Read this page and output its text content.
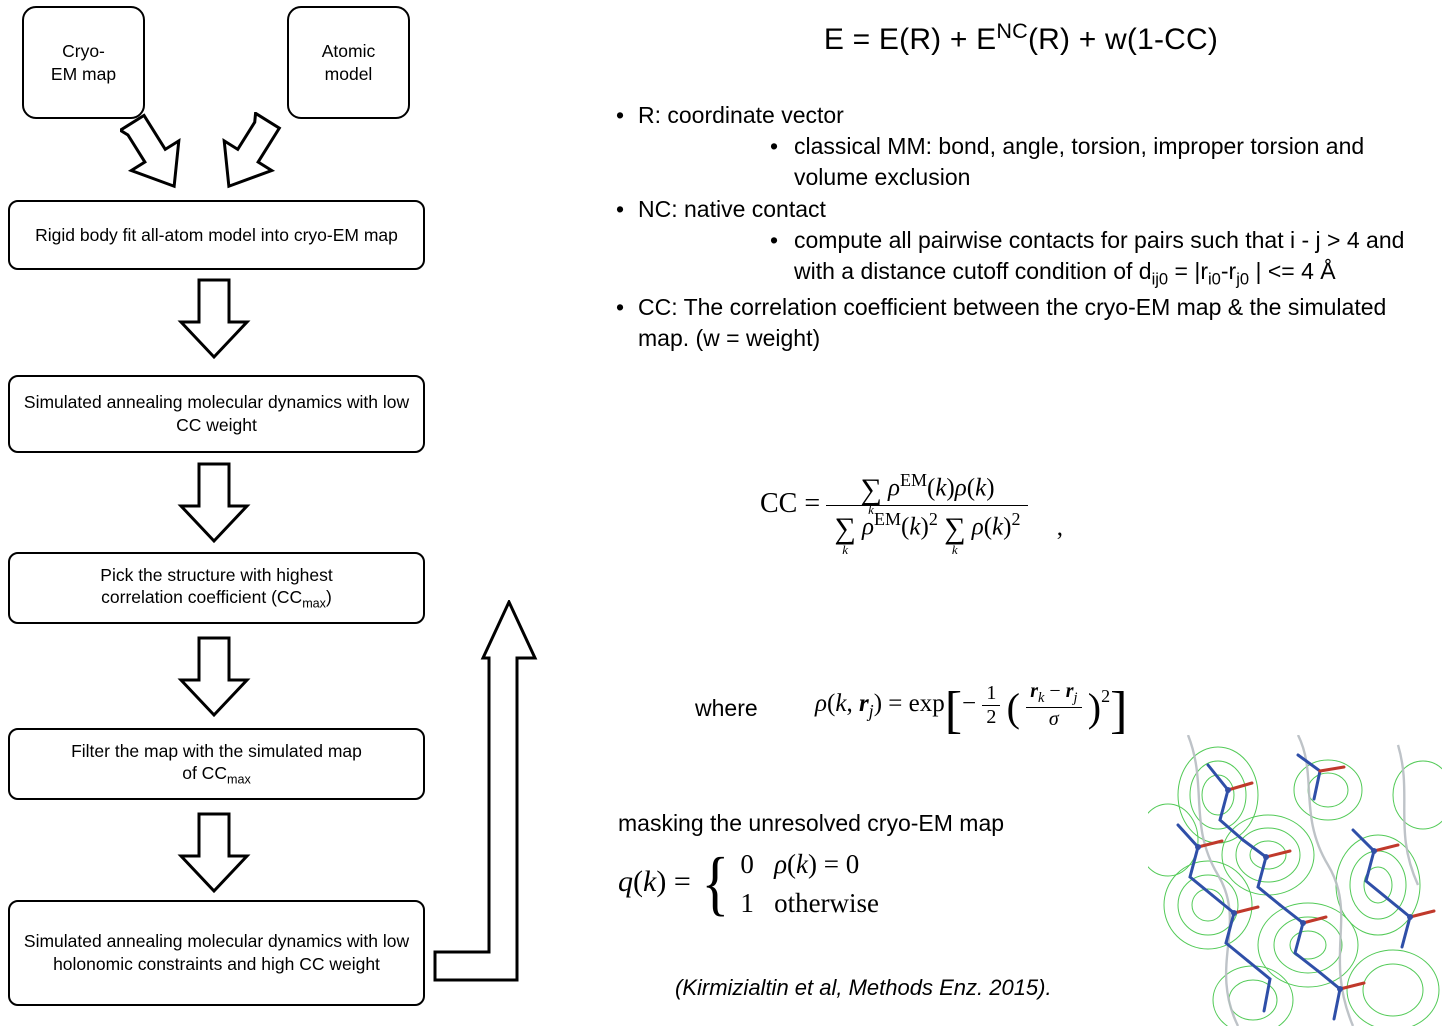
Cryo-
EM map
Atomic
model
Rigid body fit all-atom model into cryo-EM map
Simulated annealing molecular dynamics with low CC weight
Pick the structure with highest
correlation coefficient $(CC_{max})$
Filter the map with the simulated map
of $CC_{max}$
Simulated annealing molecular dynamics with low holonomic constraints and high CC weight
$E = E(R) + E^{NC}(R) + w(1-CC)$
• R: coordinate vector
• classical MM: bond, angle, torsion, improper torsion and volume exclusion
• NC: native contact
• compute all pairwise contacts for pairs such that i - j > 4 and with a distance cutoff condition of $d_{ij0} = |r_{i0}-r_{j0}$ | <= 4 Å
• CC: The correlation coefficient between the cryo-EM map & the simulated map. (w = weight)
CC = ∑
k
$\rho^{EM}(k)\rho(k)$
∑
k
$\rho^{EM}(k)^2$ ∑
k
$\rho(k)^2$ ,
where ρ(k, $r_j) = \exp[- \frac{1}{2}$ ( $\frac{r_k - r_j}{\sigma} )^2$]
masking the unresolved cryo-EM map
q(k) = { 0   ρ(k) = 0
1   otherwise
(Kirmizialtin et al, Methods Enz. 2015).
